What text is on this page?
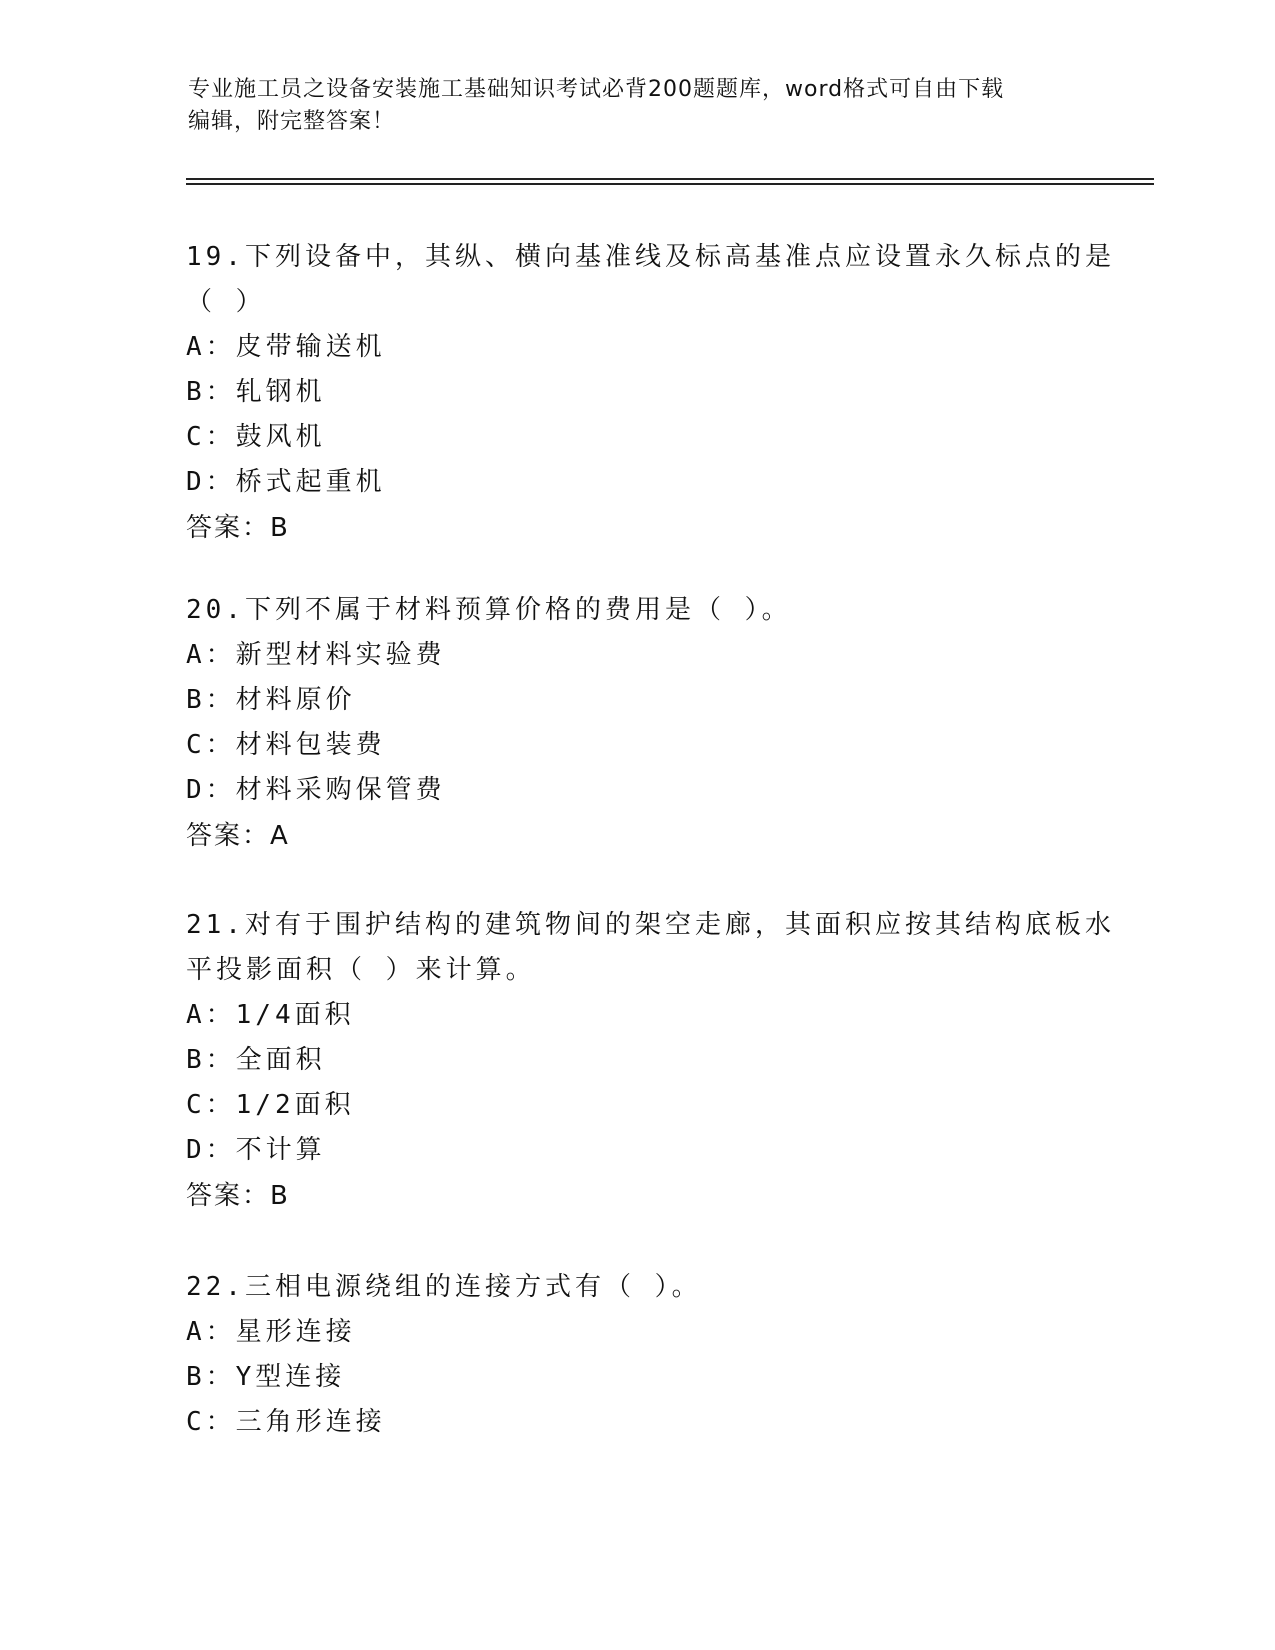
专业施工员之设备安装施工基础知识考试必背200题题库，word格式可自由下载
编辑，附完整答案！
19.下列设备中，其纵、横向基准线及标高基准点应设置永久标点的是
（ ）
A：皮带输送机
B：轧钢机
C：鼓风机
D：桥式起重机
答案：B
20.下列不属于材料预算价格的费用是（ ）。
A：新型材料实验费
B：材料原价
C：材料包装费
D：材料采购保管费
答案：A
21.对有于围护结构的建筑物间的架空走廊，其面积应按其结构底板水
平投影面积（ ）来计算。
A：1/4面积
B：全面积
C：1/2面积
D：不计算
答案：B
22.三相电源绕组的连接方式有（ ）。
A：星形连接
B：Y型连接
C：三角形连接
